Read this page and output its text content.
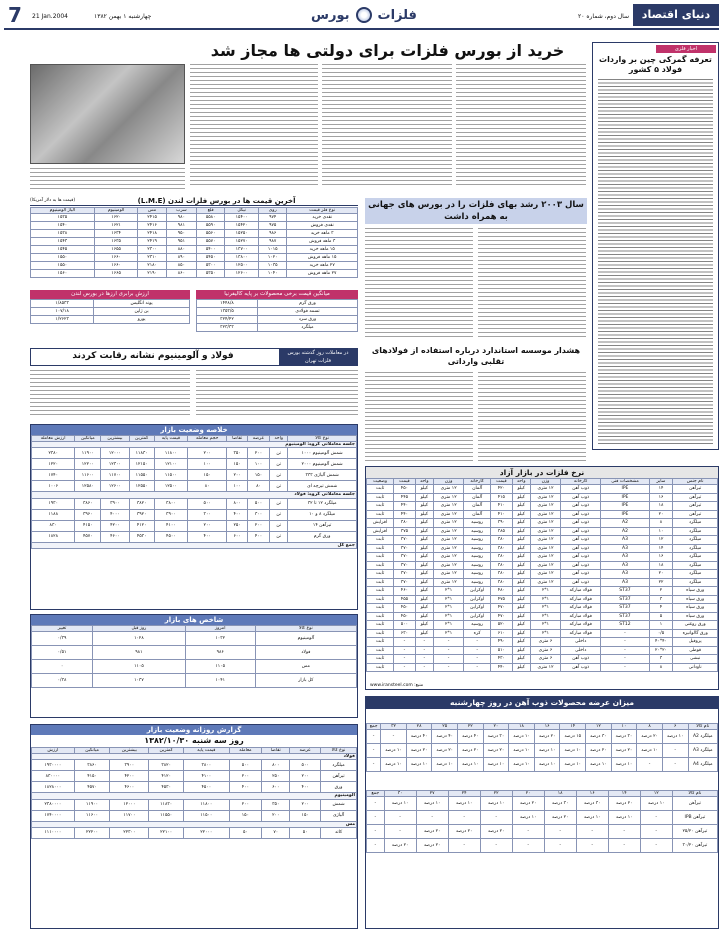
7 21 Jan.2004	چهارشنبه ۱ بهمن ۱۳۸۲	فلزات
بورس	سال دوم، شماره ۲۰	دنیای اقتصاد
اخبار فلزی
تعرفه گمرکی چین بر واردات فولاد ۵ کشور
خرید از بورس فلزات برای دولتی ها مجاز شد
آخرین قیمت ها در بورس فلزات لندن (L.M.E)
(قیمت ها به دلار آمریکا)
نوع فلز قیمت	روی	نیکل	قلع	سرب	مس	آلومینیوم	آلیاژ آلومینیوم
نقدی خرید	۹۷۴	۱۵۴۰۰	۵۵۸۰	۹۸۰	۲۴۱۵	۱۶۲۰	۱۵۳۵
نقدی فروش	۹۷۵	۱۵۴۲۰	۵۵۹۰	۹۸۱	۲۴۱۶	۱۶۲۱	۱۵۴۰
۳ ماهه خرید	۹۸۶	۱۵۲۵۰	۵۵۶۰	۹۵۰	۲۴۱۸	۱۶۳۴	۱۵۳۸
۳ ماهه فروش	۹۸۷	۱۵۲۷۰	۵۵۷۰	۹۵۱	۲۴۱۹	۱۶۳۵	۱۵۴۳
۱۵ ماهه خرید	۱۰۱۵	۱۳۷۰۰	۵۴۰۰	۸۸۰	۲۳۰۰	۱۶۵۵	۱۵۴۵
۱۵ ماهه فروش	۱۰۲۰	۱۳۸۰۰	۵۴۵۰	۸۹۰	۲۳۱۰	۱۶۶۰	۱۵۵۰
۲۷ ماهه خرید	۱۰۳۵	۱۲۵۰۰	۵۳۰۰	۸۵۰	۲۱۸۰	۱۶۶۰	۱۵۵۰
۲۷ ماهه فروش	۱۰۴۰	۱۲۶۰۰	۵۳۵۰	۸۶۰	۲۱۹۰	۱۶۶۵	۱۵۶۰
میانگین قیمت برخی محصولات بر پایه کالیفرنیا
ورق گرم	۱۴۴۸/۸
تسمه فولادی	۱۳۵۳/۵
ورق سرد	۳۲۴/۴۲
میلگرد	۳۲۳/۳۳
ارزش برابری ارزها در بورس لندن
پوند انگلیس	۱/۸۵۳۳
ین ژاپن	۱۰۷/۱۸
یورو	۱/۲۶۲۳
سال ۲۰۰۳ رشد بهای فلزات را در بورس های جهانی به همراه داشت
در معاملات روز گذشته بورس فلزات تهران
فولاد و آلومینیوم نشانه رقابت کردند
هشدار موسسه استاندارد درباره استفاده از فولادهای تقلبی وارداتی
خلاصه وضعیت بازار
نوع کالا	واحد	عرضه	تقاضا	حجم معامله	قیمت پایه	کمترین	بیشترین	میانگین	ارزش معامله
جلسه معاملاتی گروه: آلومینیوم									
شمش آلومینیوم ۱۰۰۰	تن	۲۰۰	۳۵۰	۲۰۰	۱۱۸۰۰	۱۱۸۳۰	۱۲۰۰۰	۱۱۹۰۰	۲۳۸۰
شمش آلومینیوم ۲۰۰۰	تن	۱۰۰	۱۵۰	۱۰۰	۱۲۱۰۰	۱۲۱۵۰	۱۲۳۰۰	۱۲۲۰۰	۱۲۲۰
شمش آلیاژی ۳۳۳	تن	۱۵۰	۲۰۰	۱۵۰	۱۱۵۰۰	۱۱۵۵۰	۱۱۷۰۰	۱۱۶۰۰	۱۷۴۰
شمش تیرچه ای	تن	۸۰	۱۰۰	۸۰	۱۲۵۰۰	۱۲۵۵۰	۱۲۶۰۰	۱۲۵۸۰	۱۰۰۶
جلسه معاملاتی گروه: فولاد									
میلگرد ۱۲ تا ۳۲	تن	۵۰۰	۸۰۰	۵۰۰	۳۸۰۰	۳۸۲۰	۳۹۰۰	۳۸۶۰	۱۹۳۰
میلگرد ۸ و ۱۰	تن	۳۰۰	۴۰۰	۳۰۰	۳۹۰۰	۳۹۲۰	۴۰۰۰	۳۹۶۰	۱۱۸۸
تیرآهن ۱۴	تن	۲۰۰	۲۵۰	۲۰۰	۴۱۰۰	۴۱۲۰	۴۲۰۰	۴۱۵۰	۸۳۰
ورق گرم	تن	۴۰۰	۶۰۰	۴۰۰	۴۵۰۰	۴۵۳۰	۴۶۰۰	۴۵۷۰	۱۸۲۸
جمع کل									
شاخص های بازار
نوع کالا	امروز	روز قبل	تغییر
آلومینیوم	۱۰۳۲	۱۰۲۸	۰/۳۹
فولاد	۹۸۶	۹۸۱	۰/۵۱
مس	۱۱۰۵	۱۱۰۵	۰
کل بازار	۱۰۴۱	۱۰۳۷	۰/۳۸
گزارش روزانه وضعیت بازار
روز سه شنبه ۱۳۸۲/۱۰/۳۰
نوع کالا	عرضه	تقاضا	معامله	قیمت پایه	کمترین	بیشترین	میانگین	ارزش
فولاد								
میلگرد	۵۰۰	۸۰۰	۵۰۰	۳۸۰۰	۳۸۲۰	۳۹۰۰	۳۸۶۰	۱۹۳۰۰۰۰
تیرآهن	۲۰۰	۲۵۰	۲۰۰	۴۱۰۰	۴۱۲۰	۴۲۰۰	۴۱۵۰	۸۳۰۰۰۰
ورق	۴۰۰	۶۰۰	۴۰۰	۴۵۰۰	۴۵۳۰	۴۶۰۰	۴۵۷۰	۱۸۲۸۰۰۰
آلومینیوم								
شمش	۲۰۰	۳۵۰	۲۰۰	۱۱۸۰۰	۱۱۸۳۰	۱۲۰۰۰	۱۱۹۰۰	۲۳۸۰۰۰۰
آلیاژی	۱۵۰	۲۰۰	۱۵۰	۱۱۵۰۰	۱۱۵۵۰	۱۱۷۰۰	۱۱۶۰۰	۱۷۴۰۰۰۰
مس								
کاتد	۵۰	۷۰	۵۰	۲۲۰۰۰	۲۲۱۰۰	۲۲۳۰۰	۲۲۲۰۰	۱۱۱۰۰۰۰
نرخ فلزات در بازار آزاد
نام جنس	سایز	مشخصات فنی	کارخانه	وزن	واحد	قیمت	کارخانه	وزن	واحد	قیمت	وضعیت
تیرآهن	۱۴	IPE	ذوب آهن	۱۲ متری	کیلو	۴۲۰	آلمان	۱۲ متری	کیلو	۴۵۰	ثابت
تیرآهن	۱۶	IPE	ذوب آهن	۱۲ متری	کیلو	۴۱۵	آلمان	۱۲ متری	کیلو	۴۴۵	ثابت
تیرآهن	۱۸	IPE	ذوب آهن	۱۲ متری	کیلو	۴۱۰	آلمان	۱۲ متری	کیلو	۴۴۰	ثابت
تیرآهن	۲۰	IPE	ذوب آهن	۱۲ متری	کیلو	۴۱۰	آلمان	۱۲ متری	کیلو	۴۴۰	ثابت
میلگرد	۸	A2	ذوب آهن	۱۲ متری	کیلو	۳۹۰	روسیه	۱۲ متری	کیلو	۳۸۰	افزایش
میلگرد	۱۰	A2	ذوب آهن	۱۲ متری	کیلو	۳۸۵	روسیه	۱۲ متری	کیلو	۳۷۵	افزایش
میلگرد	۱۲	A3	ذوب آهن	۱۲ متری	کیلو	۳۸۰	روسیه	۱۲ متری	کیلو	۳۷۰	ثابت
میلگرد	۱۴	A3	ذوب آهن	۱۲ متری	کیلو	۳۸۰	روسیه	۱۲ متری	کیلو	۳۷۰	ثابت
میلگرد	۱۶	A3	ذوب آهن	۱۲ متری	کیلو	۳۸۰	روسیه	۱۲ متری	کیلو	۳۷۰	ثابت
میلگرد	۱۸	A3	ذوب آهن	۱۲ متری	کیلو	۳۸۰	روسیه	۱۲ متری	کیلو	۳۷۰	ثابت
میلگرد	۲۰	A3	ذوب آهن	۱۲ متری	کیلو	۳۸۰	روسیه	۱۲ متری	کیلو	۳۷۰	ثابت
میلگرد	۲۲	A3	ذوب آهن	۱۲ متری	کیلو	۳۸۰	روسیه	۱۲ متری	کیلو	۳۷۰	ثابت
ورق سیاه	۲	ST37	فولاد مبارکه	۱*۲	کیلو	۴۸۰	اوکراین	۱*۲	کیلو	۴۶۰	ثابت
ورق سیاه	۳	ST37	فولاد مبارکه	۱*۲	کیلو	۴۷۵	اوکراین	۱*۲	کیلو	۴۵۵	ثابت
ورق سیاه	۴	ST37	فولاد مبارکه	۱*۲	کیلو	۴۷۰	اوکراین	۱*۲	کیلو	۴۵۰	ثابت
ورق سیاه	۵	ST37	فولاد مبارکه	۱*۲	کیلو	۴۷۰	اوکراین	۱*۲	کیلو	۴۵۰	ثابت
ورق روغنی	۱	ST12	فولاد مبارکه	۱*۲	کیلو	۵۲۰	روسیه	۱*۲	کیلو	۵۰۰	ثابت
ورق گالوانیزه	۰/۵	-	فولاد مبارکه	۱*۲	کیلو	۶۱۰	کره	۱*۲	کیلو	۶۳۰	ثابت
پروفیل	۴۰*۴۰	-	داخلی	۶ متری	کیلو	۴۹۰	-	-	-	-	ثابت
قوطی	۲۰*۲۰	-	داخلی	۶ متری	کیلو	۵۱۰	-	-	-	-	ثابت
نبشی	۳	-	ذوب آهن	۶ متری	کیلو	۴۳۰	-	-	-	-	ثابت
ناودانی	۸	-	ذوب آهن	۱۲ متری	کیلو	۴۴۰	-	-	-	-	ثابت
منبع: www.iransteel.com
میزان عرضه محصولات ذوب آهن در روز چهارشنبه
نام کالا	۶	۸	۱۰	۱۲	۱۴	۱۶	۱۸	۲۰	۲۲	۲۵	۲۸	۳۲	جمع
میلگرد A2	۱۰ درصد	۲۰ درصد	۳۰ درصد	۳۰ درصد	۱۵ درصد	۲۰ درصد	۱۰ درصد	۳۰ درصد	۴۰ درصد	۴۰ درصد	۴۰ درصد	-	-
میلگرد A3	-	۱۰ درصد	۲۰ درصد	۲۰ درصد	۱۰ درصد	۱۰ درصد	۱۰ درصد	۲۰ درصد	۲۰ درصد	۲۰ درصد	۲۰ درصد	۱۰ درصد	-
میلگرد A4	-	-	۱۰ درصد	۱۰ درصد	۱۰ درصد	۱۰ درصد	۱۰ درصد	۱۰ درصد	۱۰ درصد	۱۰ درصد	۱۰ درصد	۱۰ درصد	-
نام کالا	۱۲	۱۴	۱۶	۱۸	۲۰	۲۲	۲۴	۲۷	۳۰	جمع
تیرآهن	۱۰ درصد	۲۰ درصد	۳۰ درصد	۳۰ درصد	۲۰ درصد	۱۰ درصد	۱۰ درصد	۱۰ درصد	۱۰ درصد	-
تیرآهن IPB	-	۱۰ درصد	۱۰ درصد	۲۰ درصد	۱۰ درصد	-	-	-	-	-
تیرآهن ۲۵/۲۰	-	-	-	-	-	۲۰ درصد	۲۰ درصد	۲۰ درصد	-	-
تیرآهن ۳۰/۲۰	-	-	-	-	-	-	-	۲۰ درصد	۲۰ درصد	-
